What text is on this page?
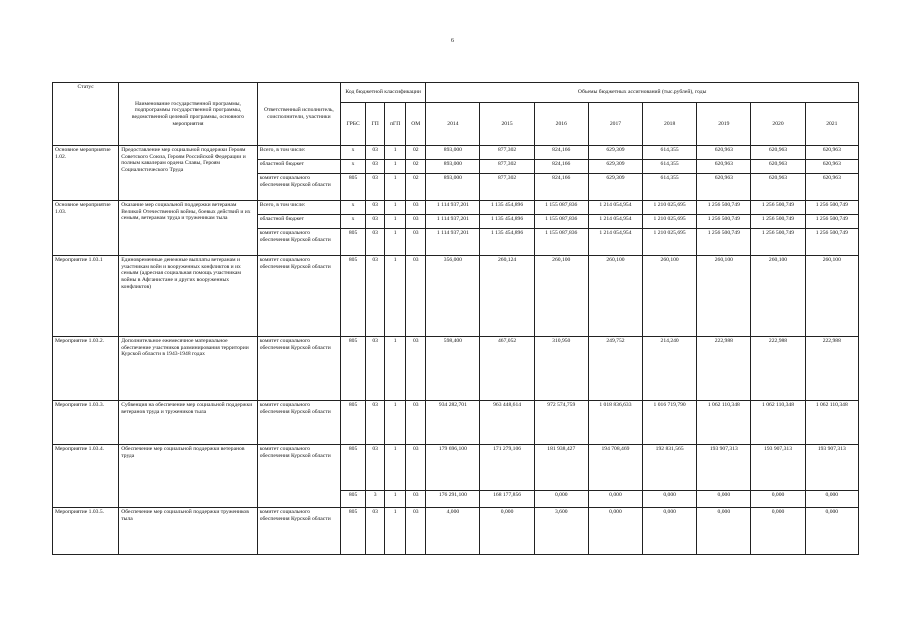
6
Статус	Наименование государственной программы, подпрограммы государственной программы, ведомственной целевой программы, основного мероприятия	Ответственный исполнитель, соисполнители, участники	Код бюджетной классификации				Объемы бюджетных ассигнований (тыс.рублей), годы							
			ГРБС	ГП	пГП	ОМ	2014	2015	2016	2017	2018	2019	2020	2021
Основное мероприятие 1.02.	Предоставление мер социальной поддержки Героям Советского Союза, Героям Российской Федерации и полным кавалерам ордена Славы, Героям Социалистического Труда	Всего, в том числе:	x	03	1	02	893,000	877,302	824,166	629,309	614,355	620,963	620,963	620,963
		областной бюджет	x	03	1	02	893,000	877,302	824,166	629,309	614,355	620,963	620,963	620,963
		комитет социального обеспечения Курской области	805	03	1	02	893,000	877,302	824,166	629,309	614,355	620,963	620,963	620,963
Основное мероприятие 1.03.	Оказание мер социальной поддержки ветеранам Великой Отечественной войны, боевых действий и их семьям, ветеранам труда и труженикам тыла	Всего, в том числе:	x	03	1	03	1 114 937,201	1 135 454,896	1 155 087,836	1 214 054,954	1 210 025,695	1 256 500,749	1 256 500,749	1 256 500,749
		областной бюджет	x	03	1	03	1 114 937,201	1 135 454,896	1 155 087,836	1 214 054,954	1 210 025,695	1 256 500,749	1 256 500,749	1 256 500,749
		комитет социального обеспечения Курской области	805	03	1	03	1 114 937,201	1 135 454,896	1 155 087,836	1 214 054,954	1 210 025,695	1 256 500,749	1 256 500,749	1 256 500,749
Мероприятие 1.03.1	Единовременные денежные выплаты ветеранам и участникам войн и вооруженных конфликтов и их семьям (адресная социальная помощь участникам войны в Афганистане и других вооруженных конфликтов)	комитет социального обеспечения Курской области	805	03	1	03	356,000	260,124	260,100	260,100	260,100	260,100	260,100	260,100
Мероприятие 1.03.2.	Дополнительное ежемесячное материальное обеспечение участников разминирования территории Курской области в 1943-1948 годах	комитет социального обеспечения Курской области	805	03	1	03	598,400	467,052	310,950	249,752	214,240	222,988	222,988	222,988
Мероприятие 1.03.3.	Субвенция на обеспечение мер социальной поддержки ветеранов труда и тружеников тыла	комитет социального обеспечения Курской области	805	03	1	03	934 282,701	963 448,614	972 574,759	1 018 836,633	1 016 719,790	1 062 110,348	1 062 110,348	1 062 110,348
Мероприятие 1.03.4.	Обеспечение мер социальной поддержки ветеранов труда	комитет социального обеспечения Курской области	805	03	1	03	179 696,100	171 279,106	181 938,427	194 708,469	192 831,565	193 907,313	193 907,313	193 907,313
			805	3	1	03	176 291,100	168 177,856	0,000	0,000	0,000	0,000	0,000	0,000
Мероприятие 1.03.5.	Обеспечение мер социальной поддержки тружеников тыла	комитет социального обеспечения Курской области	805	03	1	03	4,000	0,000	3,600	0,000	0,000	0,000	0,000	0,000
